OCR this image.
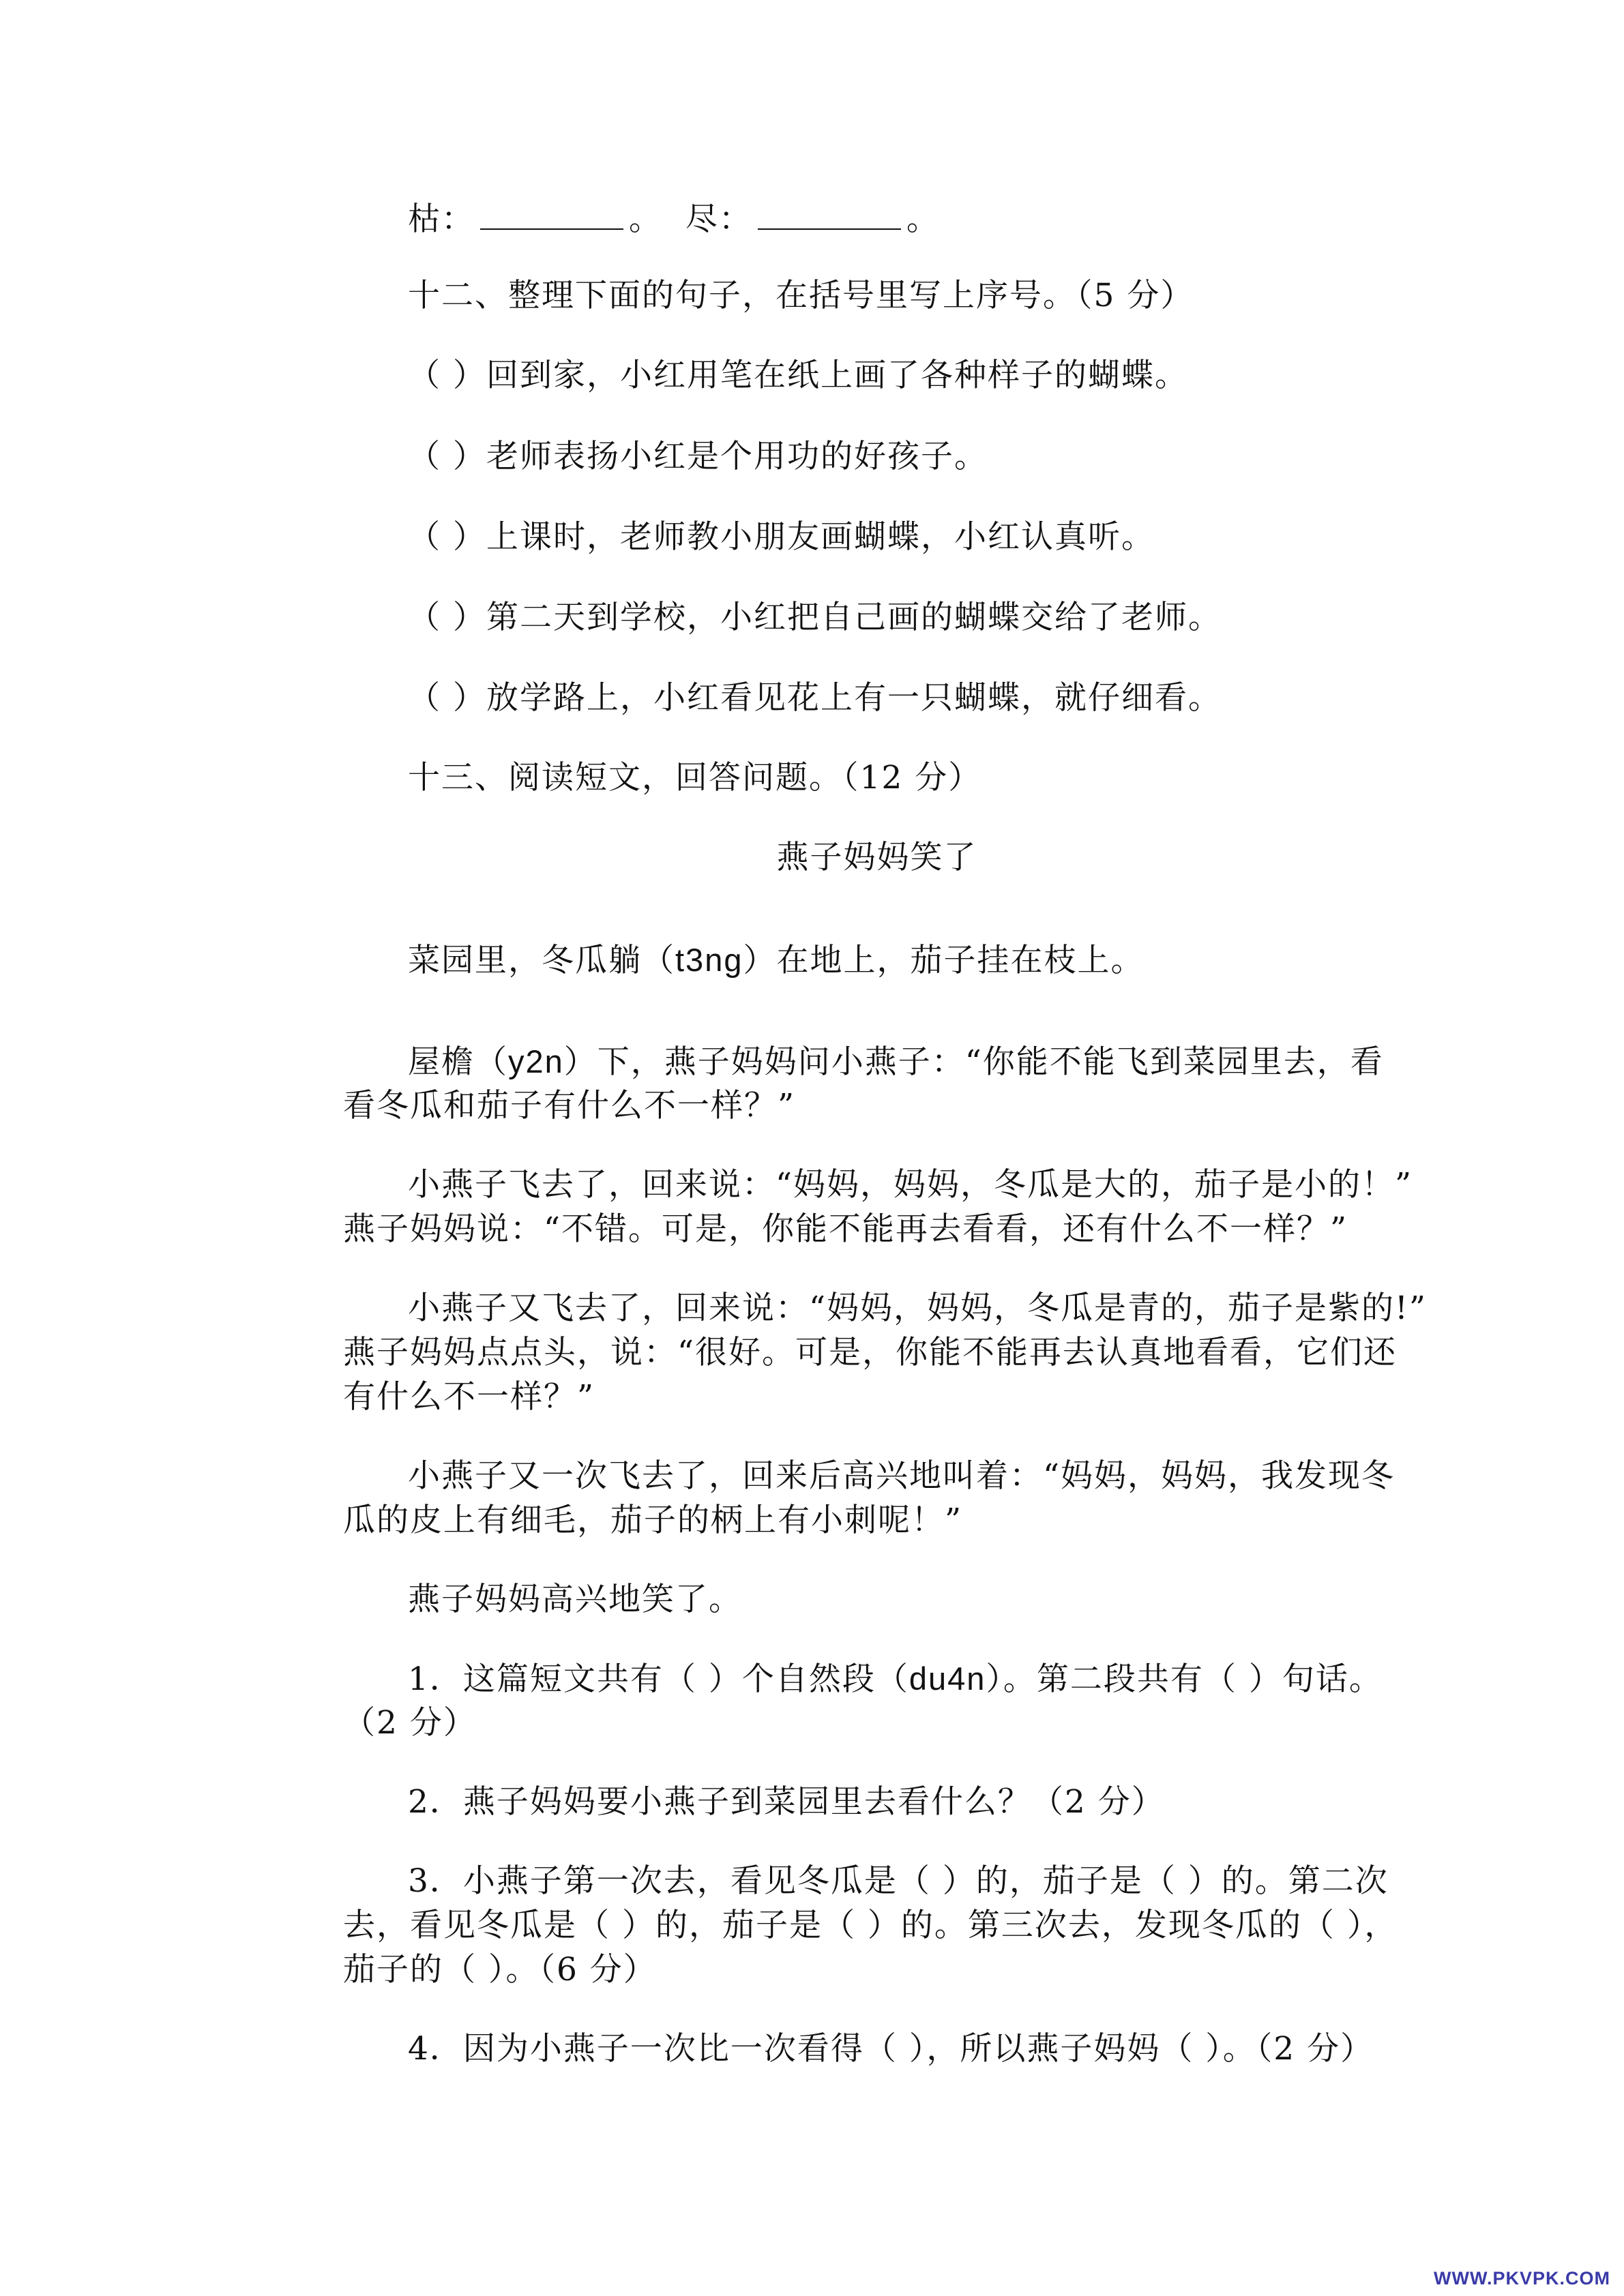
枯：	。 尽：	。
十二、整理下面的句子，在括号里写上序号。（5 分）
（ ）回到家，小红用笔在纸上画了各种样子的蝴蝶。
（ ）老师表扬小红是个用功的好孩子。
（ ）上课时，老师教小朋友画蝴蝶，小红认真听。
（ ）第二天到学校，小红把自己画的蝴蝶交给了老师。
（ ）放学路上，小红看见花上有一只蝴蝶，就仔细看。
十三、阅读短文，回答问题。（12 分）
燕子妈妈笑了
菜园里，冬瓜躺（t3ng）在地上，茄子挂在枝上。
屋檐（y2n）下，燕子妈妈问小燕子：“你能不能飞到菜园里去，看
看冬瓜和茄子有什么不一样？”
小燕子飞去了，回来说：“妈妈，妈妈，冬瓜是大的，茄子是小的！”
燕子妈妈说：“不错。可是，你能不能再去看看，还有什么不一样？”
小燕子又飞去了，回来说：“妈妈，妈妈，冬瓜是青的，茄子是紫的!”
燕子妈妈点点头，说：“很好。可是，你能不能再去认真地看看，它们还
有什么不一样？”
小燕子又一次飞去了，回来后高兴地叫着：“妈妈，妈妈，我发现冬
瓜的皮上有细毛，茄子的柄上有小刺呢！”
燕子妈妈高兴地笑了。
1．这篇短文共有（ ）个自然段（du4n）。第二段共有（ ）句话。
（2 分）
2．燕子妈妈要小燕子到菜园里去看什么？（2 分）
3．小燕子第一次去，看见冬瓜是（ ）的，茄子是（ ）的。第二次
去，看见冬瓜是（ ）的，茄子是（ ）的。第三次去，发现冬瓜的（ ），
茄子的（ ）。（6 分）
4．因为小燕子一次比一次看得（ ），所以燕子妈妈（ ）。（2 分）
WWW.PKVPK.COM
